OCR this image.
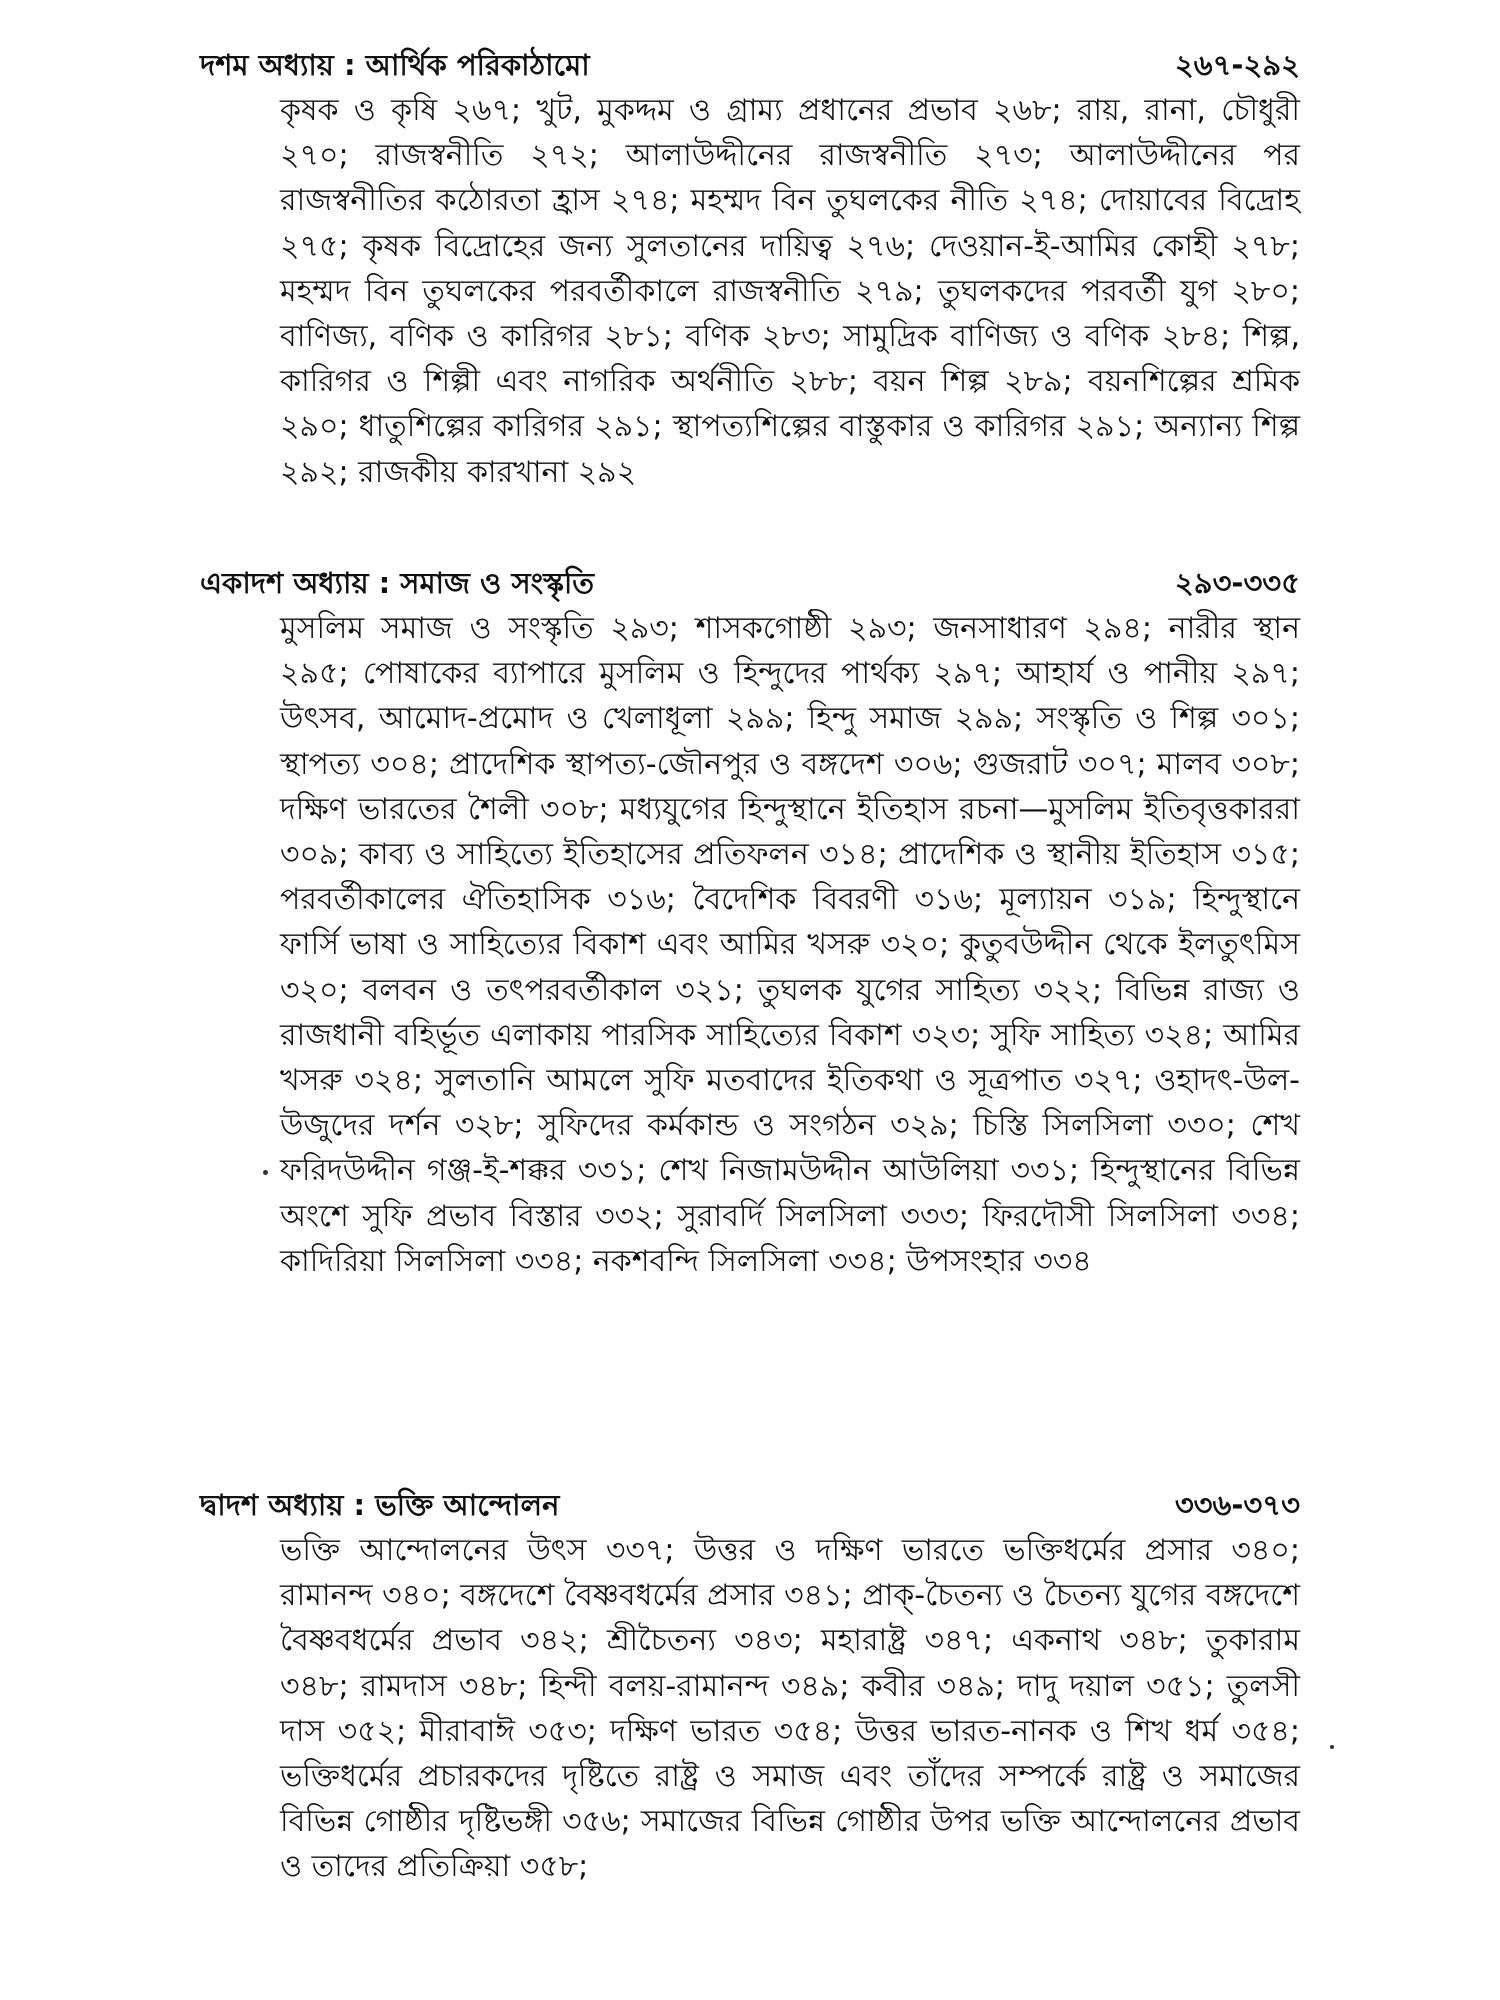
দশম অধ্যায় : আর্থিক পরিকাঠামো	২৬৭-২৯২
কৃষক ও কৃষি ২৬৭; খুট, মুকদ্দম ও গ্রাম্য প্রধানের প্রভাব ২৬৮; রায়, রানা, চৌধুরী ২৭০; রাজস্বনীতি ২৭২; আলাউদ্দীনের রাজস্বনীতি ২৭৩; আলাউদ্দীনের পর রাজস্বনীতির কঠোরতা হ্রাস ২৭৪; মহম্মদ বিন তুঘলকের নীতি ২৭৪; দোয়াবের বিদ্রোহ ২৭৫; কৃষক বিদ্রোহের জন্য সুলতানের দায়িত্ব ২৭৬; দেওয়ান-ই-আমির কোহী ২৭৮; মহম্মদ বিন তুঘলকের পরবর্তীকালে রাজস্বনীতি ২৭৯; তুঘলকদের পরবর্তী যুগ ২৮০; বাণিজ্য, বণিক ও কারিগর ২৮১; বণিক ২৮৩; সামুদ্রিক বাণিজ্য ও বণিক ২৮৪; শিল্প, কারিগর ও শিল্পী এবং নাগরিক অর্থনীতি ২৮৮; বয়ন শিল্প ২৮৯; বয়নশিল্পের শ্রমিক ২৯০; ধাতুশিল্পের কারিগর ২৯১; স্থাপত্যশিল্পের বাস্তুকার ও কারিগর ২৯১; অন্যান্য শিল্প ২৯২; রাজকীয় কারখানা ২৯২
একাদশ অধ্যায় : সমাজ ও সংস্কৃতি	২৯৩-৩৩৫
মুসলিম সমাজ ও সংস্কৃতি ২৯৩; শাসকগোষ্ঠী ২৯৩; জনসাধারণ ২৯৪; নারীর স্থান ২৯৫; পোষাকের ব্যাপারে মুসলিম ও হিন্দুদের পার্থক্য ২৯৭; আহার্য ও পানীয় ২৯৭; উৎসব, আমোদ-প্রমোদ ও খেলাধূলা ২৯৯; হিন্দু সমাজ ২৯৯; সংস্কৃতি ও শিল্প ৩০১; স্থাপত্য ৩০৪; প্রাদেশিক স্থাপত্য-জৌনপুর ও বঙ্গদেশ ৩০৬; গুজরাট ৩০৭; মালব ৩০৮; দক্ষিণ ভারতের শৈলী ৩০৮; মধ্যযুগের হিন্দুস্থানে ইতিহাস রচনা—মুসলিম ইতিবৃত্তকাররা ৩০৯; কাব্য ও সাহিত্যে ইতিহাসের প্রতিফলন ৩১৪; প্রাদেশিক ও স্থানীয় ইতিহাস ৩১৫; পরবর্তীকালের ঐতিহাসিক ৩১৬; বৈদেশিক বিবরণী ৩১৬; মূল্যায়ন ৩১৯; হিন্দুস্থানে ফার্সি ভাষা ও সাহিত্যের বিকাশ এবং আমির খসরু ৩২০; কুতুবউদ্দীন থেকে ইলতুৎমিস ৩২০; বলবন ও তৎপরবর্তীকাল ৩২১; তুঘলক যুগের সাহিত্য ৩২২; বিভিন্ন রাজ্য ও রাজধানী বহির্ভূত এলাকায় পারসিক সাহিত্যের বিকাশ ৩২৩; সুফি সাহিত্য ৩২৪; আমির খসরু ৩২৪; সুলতানি আমলে সুফি মতবাদের ইতিকথা ও সূত্রপাত ৩২৭; ওহাদৎ-উল-উজুদের দর্শন ৩২৮; সুফিদের কর্মকান্ড ও সংগঠন ৩২৯; চিস্তি সিলসিলা ৩৩০; শেখ ফরিদউদ্দীন গঞ্জ-ই-শক্কর ৩৩১; শেখ নিজামউদ্দীন আউলিয়া ৩৩১; হিন্দুস্থানের বিভিন্ন অংশে সুফি প্রভাব বিস্তার ৩৩২; সুরাবর্দি সিলসিলা ৩৩৩; ফিরদৌসী সিলসিলা ৩৩৪; কাদিরিয়া সিলসিলা ৩৩৪; নকশবন্দি সিলসিলা ৩৩৪; উপসংহার ৩৩৪
দ্বাদশ অধ্যায় : ভক্তি আন্দোলন	৩৩৬-৩৭৩
ভক্তি আন্দোলনের উৎস ৩৩৭; উত্তর ও দক্ষিণ ভারতে ভক্তিধর্মের প্রসার ৩৪০; রামানন্দ ৩৪০; বঙ্গদেশে বৈষ্ণবধর্মের প্রসার ৩৪১; প্রাক্-চৈতন্য ও চৈতন্য যুগের বঙ্গদেশে বৈষ্ণবধর্মের প্রভাব ৩৪২; শ্রীচৈতন্য ৩৪৩; মহারাষ্ট্র ৩৪৭; একনাথ ৩৪৮; তুকারাম ৩৪৮; রামদাস ৩৪৮; হিন্দী বলয়-রামানন্দ ৩৪৯; কবীর ৩৪৯; দাদু দয়াল ৩৫১; তুলসী দাস ৩৫২; মীরাবাঈ ৩৫৩; দক্ষিণ ভারত ৩৫৪; উত্তর ভারত-নানক ও শিখ ধর্ম ৩৫৪; ভক্তিধর্মের প্রচারকদের দৃষ্টিতে রাষ্ট্র ও সমাজ এবং তাঁদের সম্পর্কে রাষ্ট্র ও সমাজের বিভিন্ন গোষ্ঠীর দৃষ্টিভঙ্গী ৩৫৬; সমাজের বিভিন্ন গোষ্ঠীর উপর ভক্তি আন্দোলনের প্রভাব ও তাদের প্রতিক্রিয়া ৩৫৮;
